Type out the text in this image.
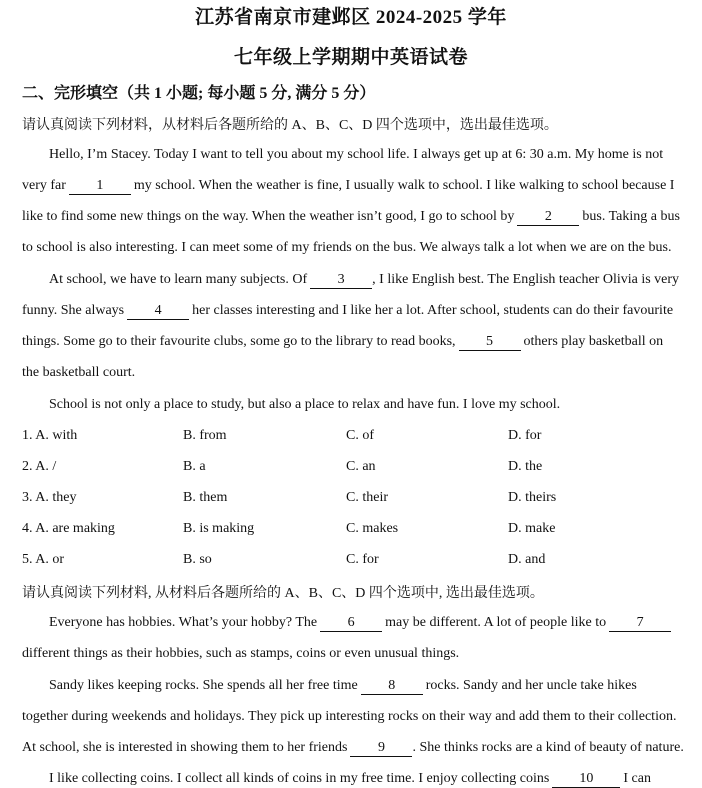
江苏省南京市建邺区 2024-2025 学年
七年级上学期期中英语试卷
二、完形填空（共 1 小题; 每小题 5 分, 满分 5 分）
请认真阅读下列材料，从材料后各题所给的 A、B、C、D 四个选项中，选出最佳选项。
Hello, I’m Stacey. Today I want to tell you about my school life. I always get up at 6: 30 a.m. My home is not
very far 1 my school. When the weather is fine, I usually walk to school. I like walking to school because I
like to find some new things on the way. When the weather isn’t good, I go to school by 2 bus. Taking a bus
to school is also interesting. I can meet some of my friends on the bus. We always talk a lot when we are on the bus.
At school, we have to learn many subjects. Of 3 , I like English best. The English teacher Olivia is very
funny. She always 4 her classes interesting and I like her a lot. After school, students can do their favourite
things. Some go to their favourite clubs, some go to the library to read books, 5 others play basketball on
the basketball court.
School is not only a place to study, but also a place to relax and have fun. I love my school.
1. A. with	B. from	C. of	D. for
2. A. /	B. a	C. an	D. the
3. A. they	B. them	C. their	D. theirs
4. A. are making	B. is making	C. makes	D. make
5. A. or	B. so	C. for	D. and
请认真阅读下列材料, 从材料后各题所给的 A、B、C、D 四个选项中, 选出最佳选项。
Everyone has hobbies. What’s your hobby? The 6 may be different. A lot of people like to 7
different things as their hobbies, such as stamps, coins or even unusual things.
Sandy likes keeping rocks. She spends all her free time 8 rocks. Sandy and her uncle take hikes
together during weekends and holidays. They pick up interesting rocks on their way and add them to their collection.
At school, she is interested in showing them to her friends 9 . She thinks rocks are a kind of beauty of nature.
I like collecting coins. I collect all kinds of coins in my free time. I enjoy collecting coins 10 I can
